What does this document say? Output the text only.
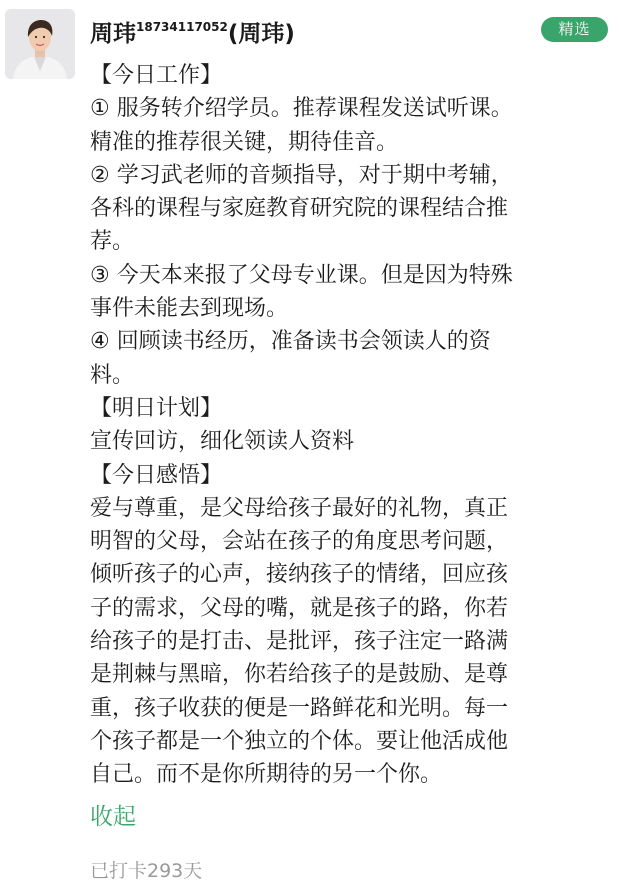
周玮$^{18734117052}$(周玮)	精选
【今日工作】
① 服务转介绍学员。推荐课程发送试听课。
精准的推荐很关键，期待佳音。
② 学习武老师的音频指导，对于期中考辅，
各科的课程与家庭教育研究院的课程结合推
荐。
③ 今天本来报了父母专业课。但是因为特殊
事件未能去到现场。
④ 回顾读书经历，准备读书会领读人的资
料。
【明日计划】
宣传回访，细化领读人资料
【今日感悟】
爱与尊重，是父母给孩子最好的礼物，真正
明智的父母，会站在孩子的角度思考问题，
倾听孩子的心声，接纳孩子的情绪，回应孩
子的需求，父母的嘴，就是孩子的路，你若
给孩子的是打击、是批评，孩子注定一路满
是荆棘与黑暗，你若给孩子的是鼓励、是尊
重，孩子收获的便是一路鲜花和光明。每一
个孩子都是一个独立的个体。要让他活成他
自己。而不是你所期待的另一个你。
收起
已打卡293天
